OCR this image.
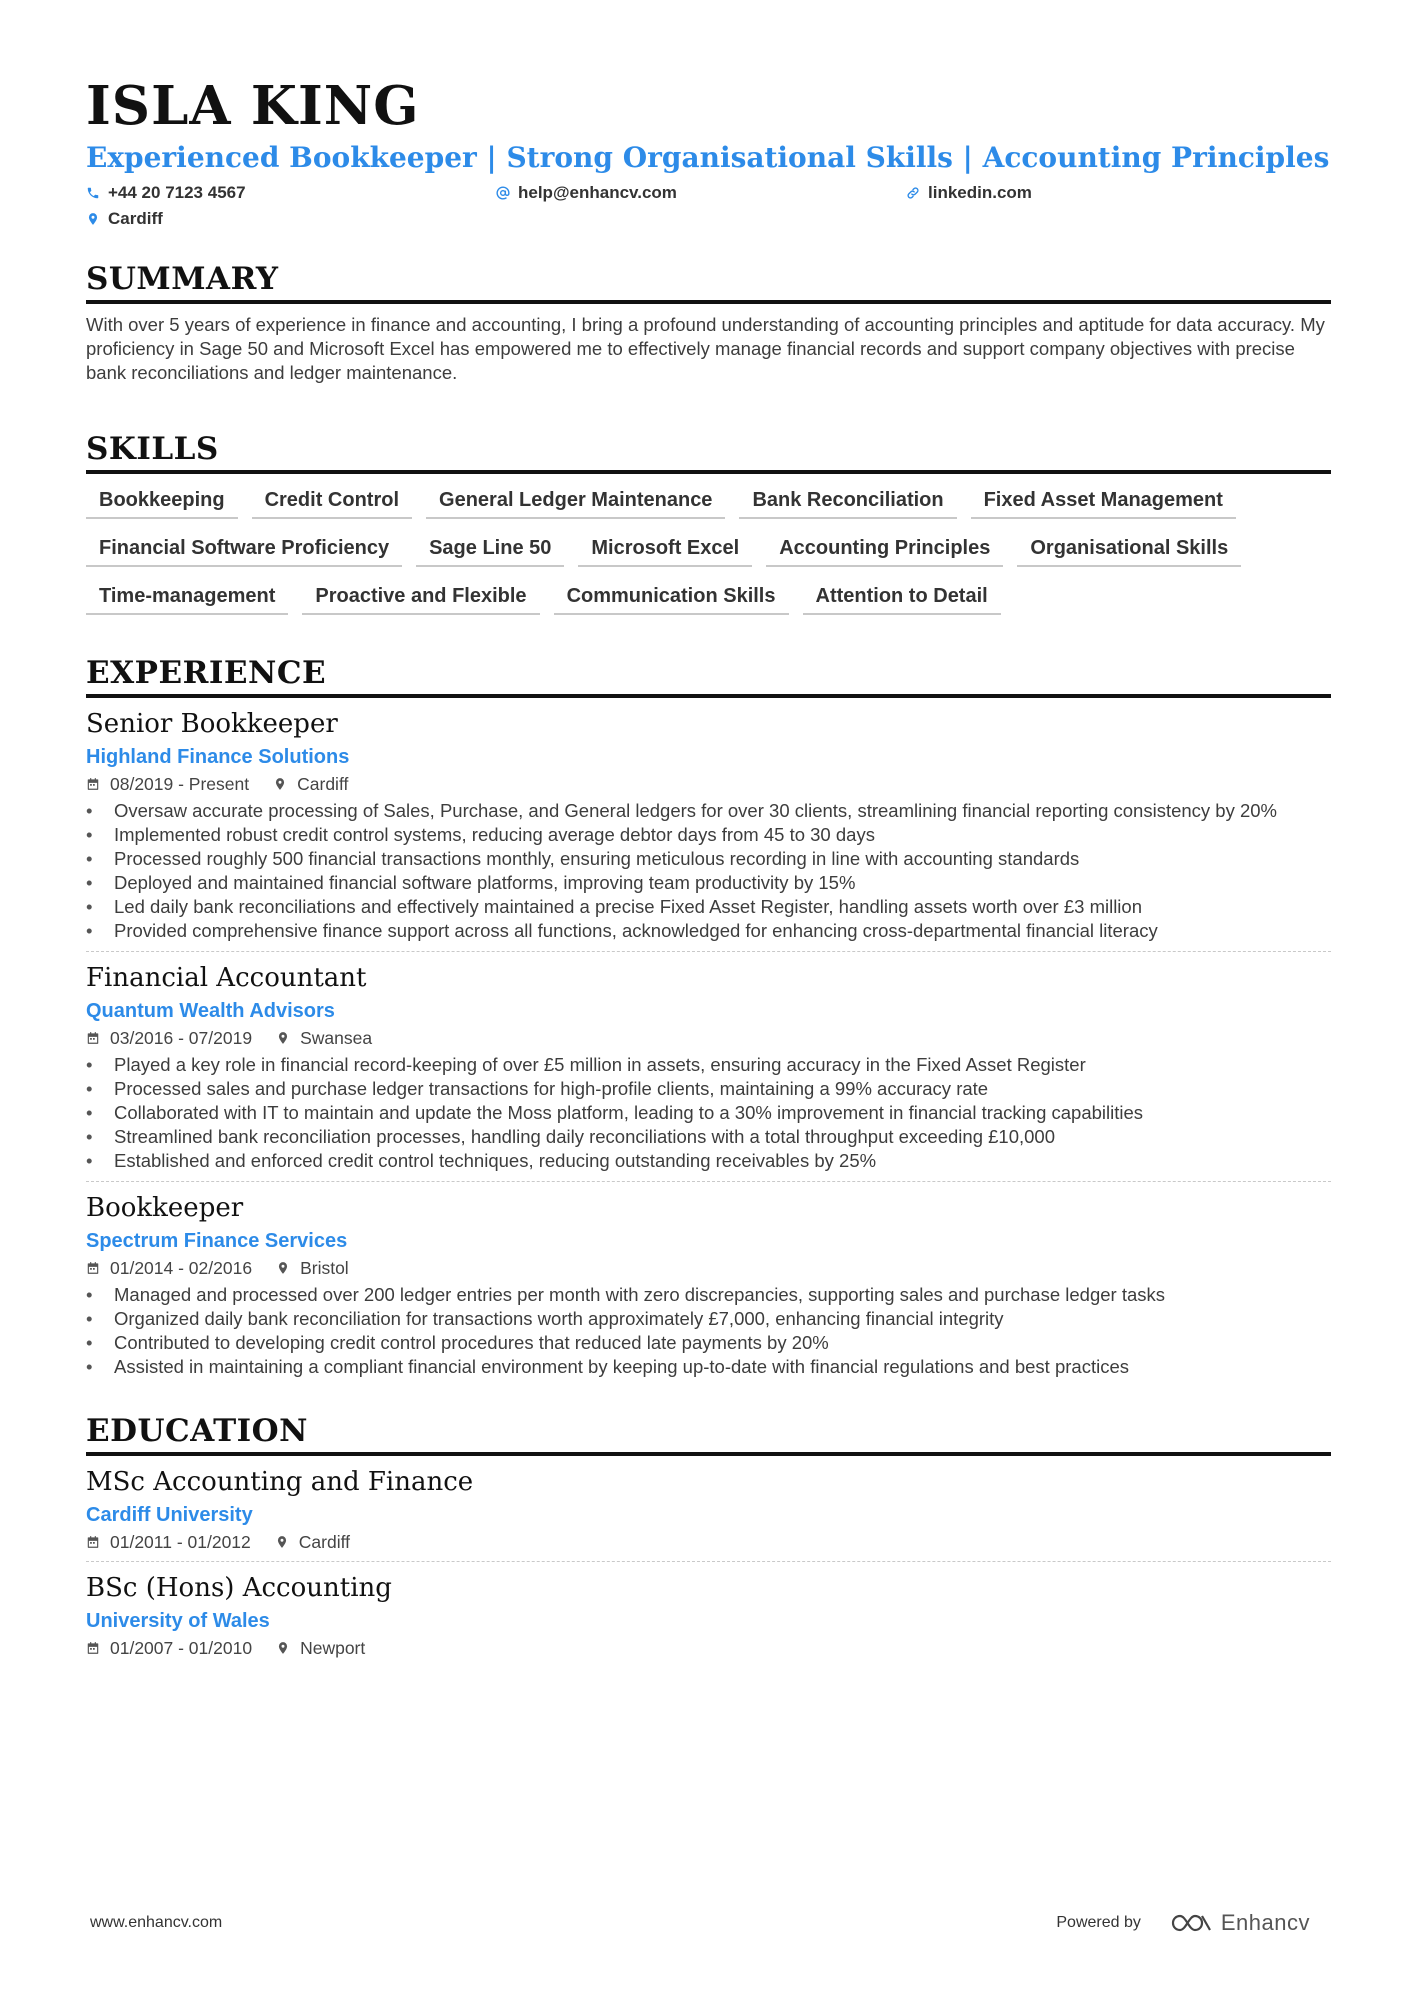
ISLA KING
Experienced Bookkeeper | Strong Organisational Skills | Accounting Principles
+44 20 7123 4567	help@enhancv.com	linkedin.com
Cardiff
SUMMARY

With over 5 years of experience in finance and accounting, I bring a profound understanding of accounting principles and aptitude for data accuracy. My proficiency in Sage 50 and Microsoft Excel has empowered me to effectively manage financial records and support company objectives with precise bank reconciliations and ledger maintenance.

SKILLS
Bookkeeping	Credit Control	General Ledger Maintenance	Bank Reconciliation	Fixed Asset Management
Financial Software Proficiency	Sage Line 50	Microsoft Excel	Accounting Principles	Organisational Skills
Time-management	Proactive and Flexible	Communication Skills	Attention to Detail
EXPERIENCE
Senior Bookkeeper
Highland Finance Solutions
08/2019 - Present	Cardiff
• Oversaw accurate processing of Sales, Purchase, and General ledgers for over 30 clients, streamlining financial reporting consistency by 20%
• Implemented robust credit control systems, reducing average debtor days from 45 to 30 days
• Processed roughly 500 financial transactions monthly, ensuring meticulous recording in line with accounting standards
• Deployed and maintained financial software platforms, improving team productivity by 15%
• Led daily bank reconciliations and effectively maintained a precise Fixed Asset Register, handling assets worth over £3 million
• Provided comprehensive finance support across all functions, acknowledged for enhancing cross-departmental financial literacy
Financial Accountant
Quantum Wealth Advisors
03/2016 - 07/2019	Swansea
• Played a key role in financial record-keeping of over £5 million in assets, ensuring accuracy in the Fixed Asset Register
• Processed sales and purchase ledger transactions for high-profile clients, maintaining a 99% accuracy rate
• Collaborated with IT to maintain and update the Moss platform, leading to a 30% improvement in financial tracking capabilities
• Streamlined bank reconciliation processes, handling daily reconciliations with a total throughput exceeding £10,000
• Established and enforced credit control techniques, reducing outstanding receivables by 25%
Bookkeeper
Spectrum Finance Services
01/2014 - 02/2016	Bristol
• Managed and processed over 200 ledger entries per month with zero discrepancies, supporting sales and purchase ledger tasks
• Organized daily bank reconciliation for transactions worth approximately £7,000, enhancing financial integrity
• Contributed to developing credit control procedures that reduced late payments by 20%
• Assisted in maintaining a compliant financial environment by keeping up-to-date with financial regulations and best practices
EDUCATION
MSc Accounting and Finance
Cardiff University
01/2011 - 01/2012	Cardiff
BSc (Hons) Accounting
University of Wales
01/2007 - 01/2010	Newport
www.enhancv.com	Powered by	Enhancv
